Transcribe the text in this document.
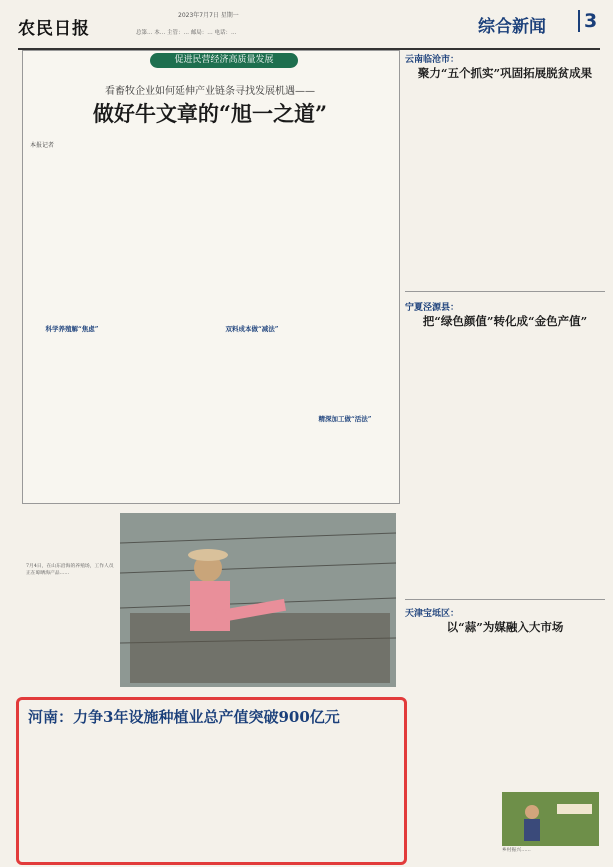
农民日报
2023年7月7日 星期一
总第… 本… 主管：… 邮局：… 电话：…	综合新闻	3
促进民营经济高质量发展
看畜牧企业如何延伸产业链条寻找发展机遇——
做好牛文章的“旭一之道”
本报记者
科学养殖解“焦虑”	双料成本做“减法”
精深加工做“活法”
7月4日，在山东沿海的养殖场，工作人员正在晾晒海产品……
河南：力争3年设施种植业总产值突破900亿元
云南临沧市：
聚力“五个抓实”巩固拓展脱贫成果
宁夏泾源县：
把“绿色颜值”转化成“金色产值”
天津宝坻区：
以“蒜”为媒融入大市场
乡村振兴……
